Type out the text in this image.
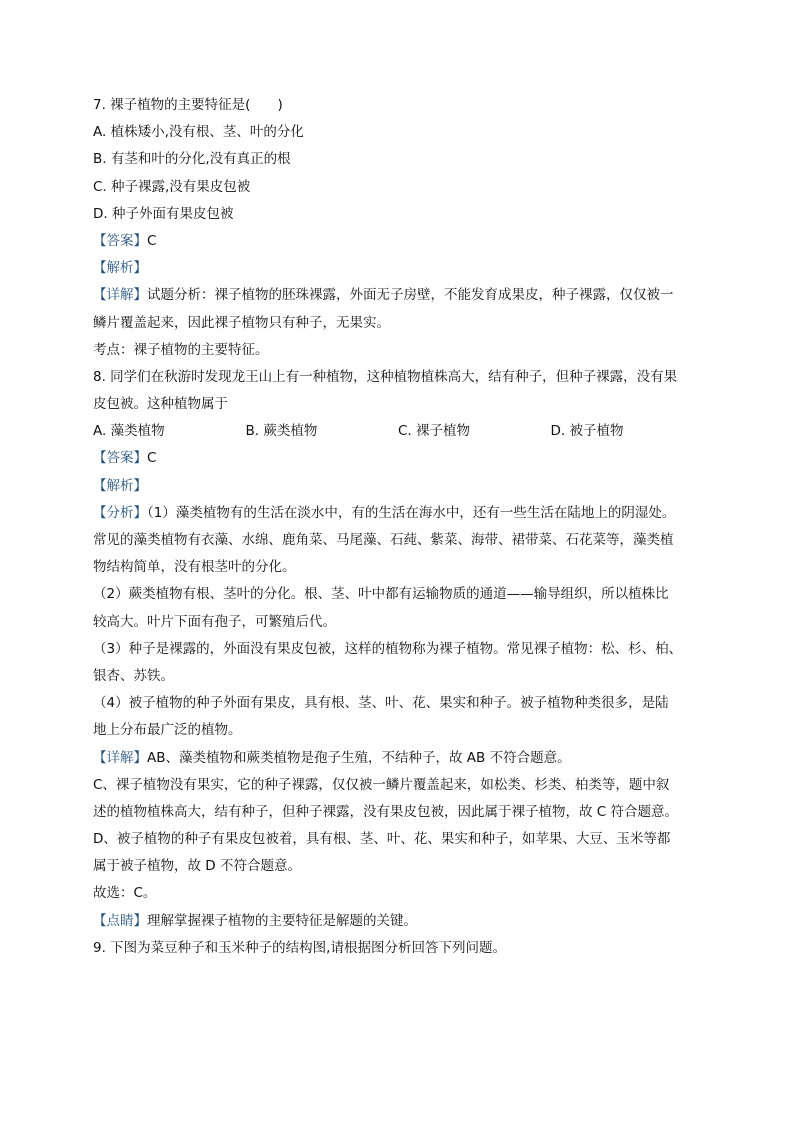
7. 裸子植物的主要特征是(　　)
A. 植株矮小,没有根、茎、叶的分化
B. 有茎和叶的分化,没有真正的根
C. 种子裸露,没有果皮包被
D. 种子外面有果皮包被
【答案】C
【解析】
【详解】试题分析：裸子植物的胚珠裸露，外面无子房壁，不能发育成果皮，种子裸露，仅仅被一
鳞片覆盖起来，因此裸子植物只有种子，无果实。
考点：裸子植物的主要特征。
8. 同学们在秋游时发现龙王山上有一种植物，这种植物植株高大，结有种子，但种子裸露，没有果
皮包被。这种植物属于
A. 藻类植物	B. 蕨类植物	C. 裸子植物	D. 被子植物
【答案】C
【解析】
【分析】（1）藻类植物有的生活在淡水中，有的生活在海水中，还有一些生活在陆地上的阴湿处。
常见的藻类植物有衣藻、水绵、鹿角菜、马尾藻、石莼、紫菜、海带、裙带菜、石花菜等，藻类植
物结构简单，没有根茎叶的分化。
（2）蕨类植物有根、茎叶的分化。根、茎、叶中都有运输物质的通道——输导组织，所以植株比
较高大。叶片下面有孢子，可繁殖后代。
（3）种子是裸露的，外面没有果皮包被，这样的植物称为裸子植物。常见裸子植物：松、杉、柏、
银杏、苏铁。
（4）被子植物的种子外面有果皮，具有根、茎、叶、花、果实和种子。被子植物种类很多，是陆
地上分布最广泛的植物。
【详解】AB、藻类植物和蕨类植物是孢子生殖，不结种子，故 AB 不符合题意。
C、裸子植物没有果实，它的种子裸露，仅仅被一鳞片覆盖起来，如松类、杉类、柏类等，题中叙
述的植物植株高大，结有种子，但种子裸露，没有果皮包被，因此属于裸子植物，故 C 符合题意。
D、被子植物的种子有果皮包被着，具有根、茎、叶、花、果实和种子，如苹果、大豆、玉米等都
属于被子植物，故 D 不符合题意。
故选：C。
【点睛】理解掌握裸子植物的主要特征是解题的关键。
9. 下图为菜豆种子和玉米种子的结构图,请根据图分析回答下列问题。
